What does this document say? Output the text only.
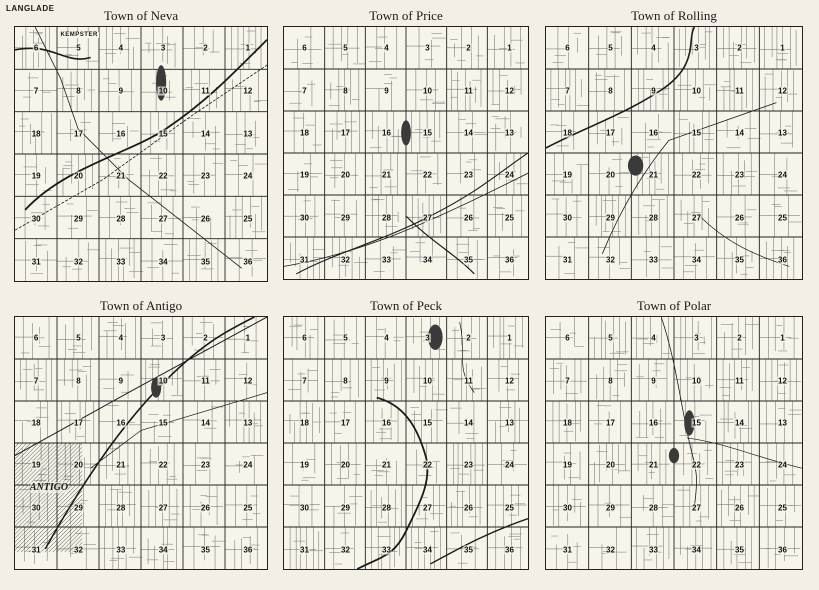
LANGLADE	Town of Neva
6	5	4	3	2	1
7	8	9	10	11	12
18	17	16	15	14	13
19	20	21	22	23	24
30	29	28	27	26	25
31	32	33	34	35	36
KEMPSTER
Town of Price
6	5	4	3	2	1
7	8	9	10	11	12
18	17	16	15	14	13
19	20	21	22	23	24
30	29	28	27	26	25
31	32	33	34	35	36
Town of Rolling
6	5	4	3	2	1
7	8	9	10	11	12
18	17	16	15	14	13
19	20	21	22	23	24
30	29	28	27	26	25
31	32	33	34	35	36
Town of Antigo
6	5	4	3	2	1
7	8	9	10	11	12
18	17	16	15	14	13
19	20	21	22	23	24
30	29	28	27	26	25
31	32	33	34	35	36
ANTIGO
Town of Peck
6	5	4	3	2	1
7	8	9	10	11	12
18	17	16	15	14	13
19	20	21	22	23	24
30	29	28	27	26	25
31	32	33	34	35	36
Town of Polar
6	5	4	3	2	1
7	8	9	10	11	12
18	17	16	15	14	13
19	20	21	22	23	24
30	29	28	27	26	25
31	32	33	34	35	36
